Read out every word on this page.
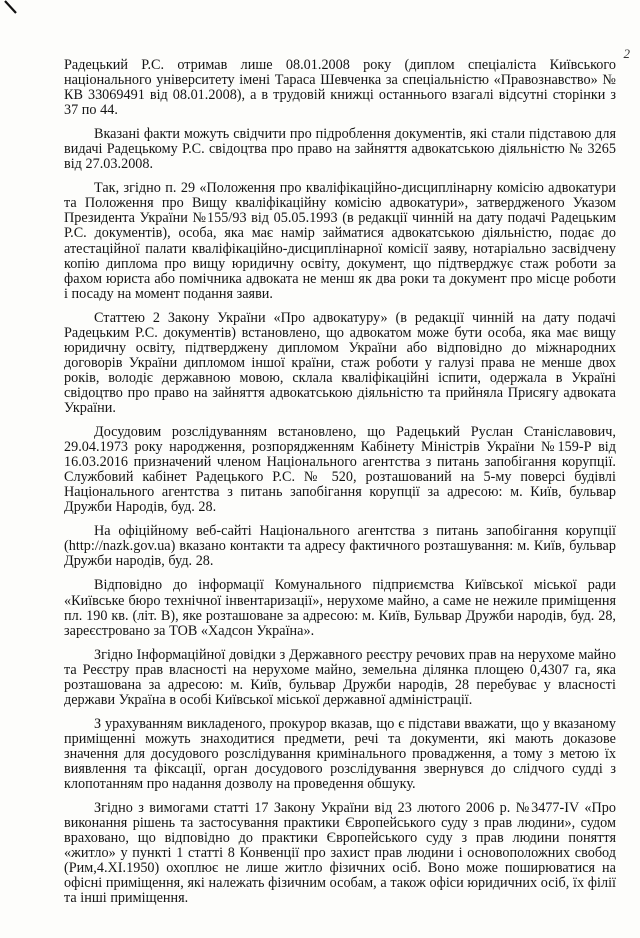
2

Радецький Р.С. отримав лише 08.01.2008 року (диплом спеціаліста Київського національного університету імені Тараса Шевченка за спеціальністю «Правознавство» № КВ 33069491 від 08.01.2008), а в трудовій книжці останнього взагалі відсутні сторінки з 37 по 44.

Вказані факти можуть свідчити про підроблення документів, які стали підставою для видачі Радецькому Р.С. свідоцтва про право на зайняття адвокатською діяльністю № 3265 від 27.03.2008.

Так, згідно п. 29 «Положення про кваліфікаційно-дисциплінарну комісію адвокатури та Положення про Вищу кваліфікаційну комісію адвокатури», затвердженого Указом Президента України №155/93 від 05.05.1993 (в редакції чинній на дату подачі Радецьким Р.С. документів), особа, яка має намір займатися адвокатською діяльністю, подає до атестаційної палати кваліфікаційно-дисциплінарної комісії заяву, нотаріально засвідчену копію диплома про вищу юридичну освіту, документ, що підтверджує стаж роботи за фахом юриста або помічника адвоката не менш як два роки та документ про місце роботи і посаду на момент подання заяви.

Статтею 2 Закону України «Про адвокатуру» (в редакції чинній на дату подачі Радецьким Р.С. документів) встановлено, що адвокатом може бути особа, яка має вищу юридичну освіту, підтверджену дипломом України або відповідно до міжнародних договорів України дипломом іншої країни, стаж роботи у галузі права не менше двох років, володіє державною мовою, склала кваліфікаційні іспити, одержала в Україні свідоцтво про право на зайняття адвокатською діяльністю та прийняла Присягу адвоката України.

Досудовим розслідуванням встановлено, що Радецький Руслан Станіславович, 29.04.1973 року народження, розпорядженням Кабінету Міністрів України №159-Р від 16.03.2016 призначений членом Національного агентства з питань запобігання корупції. Службовий кабінет Радецького Р.С. № 520, розташований на 5-му поверсі будівлі Національного агентства з питань запобігання корупції за адресою: м. Київ, бульвар Дружби Народів, буд. 28.

На офіційному веб-сайті Національного агентства з питань запобігання корупції (http://nazk.gov.ua) вказано контакти та адресу фактичного розташування: м. Київ, бульвар Дружби народів, буд. 28.

Відповідно до інформації Комунального підприємства Київської міської ради «Київське бюро технічної інвентаризації», нерухоме майно, а саме не нежиле приміщення пл. 190 кв. (літ. В), яке розташоване за адресою: м. Київ, Бульвар Дружби народів, буд. 28, зареєстровано за ТОВ «Хадсон Україна».

Згідно Інформаційної довідки з Державного реєстру речових прав на нерухоме майно та Реєстру прав власності на нерухоме майно, земельна ділянка площею 0,4307 га, яка розташована за адресою: м. Київ, бульвар Дружби народів, 28 перебуває у власності держави Україна в особі Київської міської державної адміністрації.

З урахуванням викладеного, прокурор вказав, що є підстави вважати, що у вказаному приміщенні можуть знаходитися предмети, речі та документи, які мають доказове значення для досудового розслідування кримінального провадження, а тому з метою їх виявлення та фіксації, орган досудового розслідування звернувся до слідчого судді з клопотанням про надання дозволу на проведення обшуку.

Згідно з вимогами статті 17 Закону України від 23 лютого 2006 р. №3477-IV «Про виконання рішень та застосування практики Європейського суду з прав людини», судом враховано, що відповідно до практики Європейського суду з прав людини поняття «житло» у пункті 1 статті 8 Конвенції про захист прав людини і основоположних свобод (Рим,4.ХІ.1950) охоплює не лише житло фізичних осіб. Воно може поширюватися на офісні приміщення, які належать фізичним особам, а також офіси юридичних осіб, їх філії та інші приміщення.
